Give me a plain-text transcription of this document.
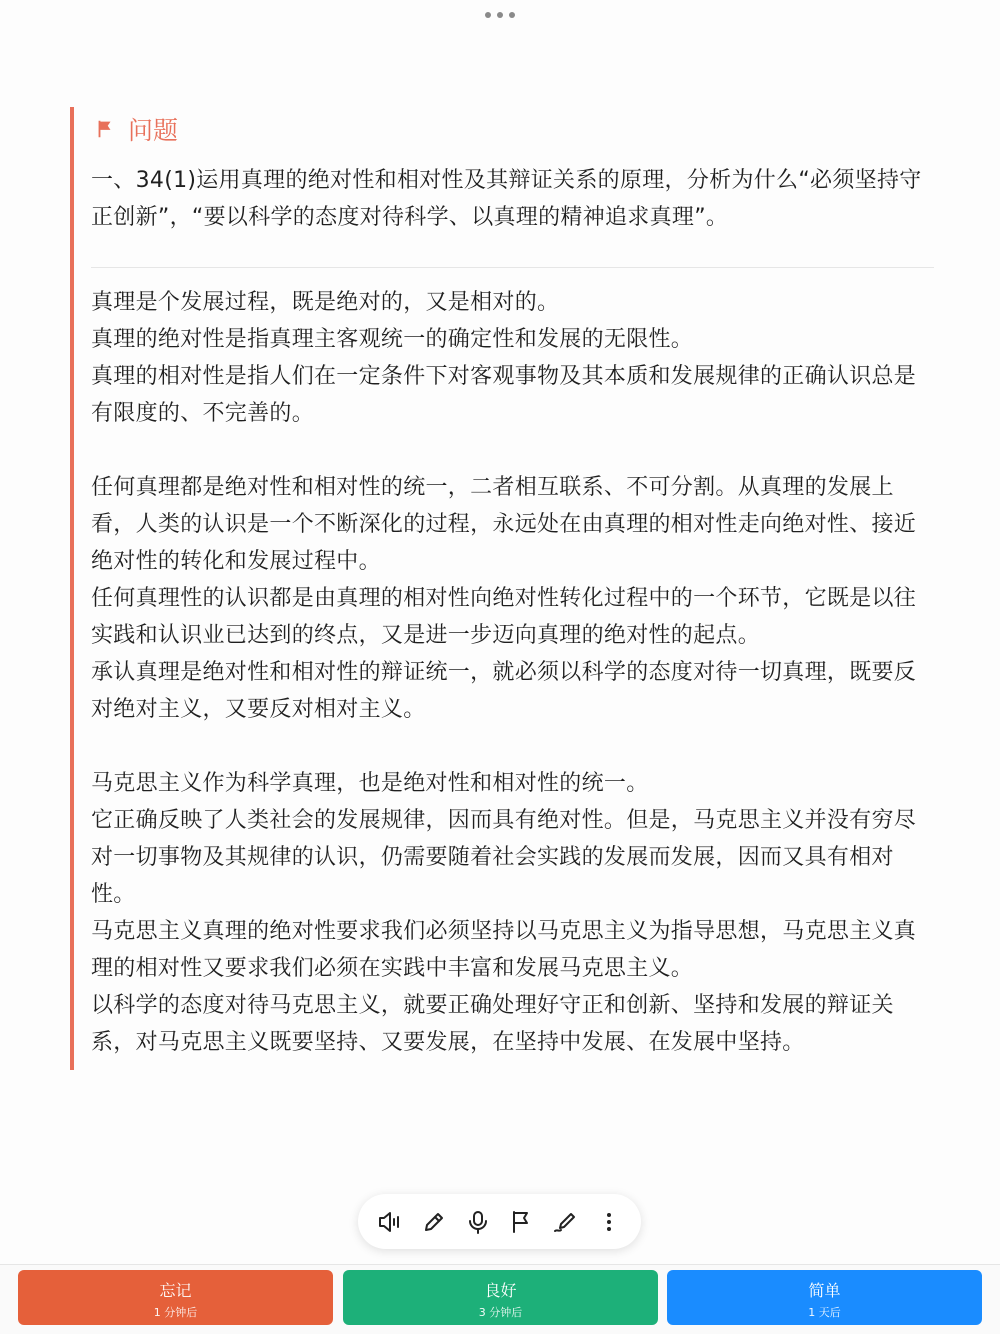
问题
一、34(1)运用真理的绝对性和相对性及其辩证关系的原理，分析为什么“必须坚持守正创新”，“要以科学的态度对待科学、以真理的精神追求真理”。

真理是个发展过程，既是绝对的，又是相对的。

真理的绝对性是指真理主客观统一的确定性和发展的无限性。

真理的相对性是指人们在一定条件下对客观事物及其本质和发展规律的正确认识总是有限度的、不完善的。

任何真理都是绝对性和相对性的统一，二者相互联系、不可分割。从真理的发展上看，人类的认识是一个不断深化的过程，永远处在由真理的相对性走向绝对性、接近绝对性的转化和发展过程中。

任何真理性的认识都是由真理的相对性向绝对性转化过程中的一个环节，它既是以往实践和认识业已达到的终点，又是进一步迈向真理的绝对性的起点。

承认真理是绝对性和相对性的辩证统一，就必须以科学的态度对待一切真理，既要反对绝对主义，又要反对相对主义。

马克思主义作为科学真理，也是绝对性和相对性的统一。

它正确反映了人类社会的发展规律，因而具有绝对性。但是，马克思主义并没有穷尽对一切事物及其规律的认识，仍需要随着社会实践的发展而发展，因而又具有相对性。

马克思主义真理的绝对性要求我们必须坚持以马克思主义为指导思想，马克思主义真理的相对性又要求我们必须在实践中丰富和发展马克思主义。

以科学的态度对待马克思主义，就要正确处理好守正和创新、坚持和发展的辩证关系，对马克思主义既要坚持、又要发展，在坚持中发展、在发展中坚持。

忘记
1 分钟后
良好
3 分钟后
简单
1 天后
